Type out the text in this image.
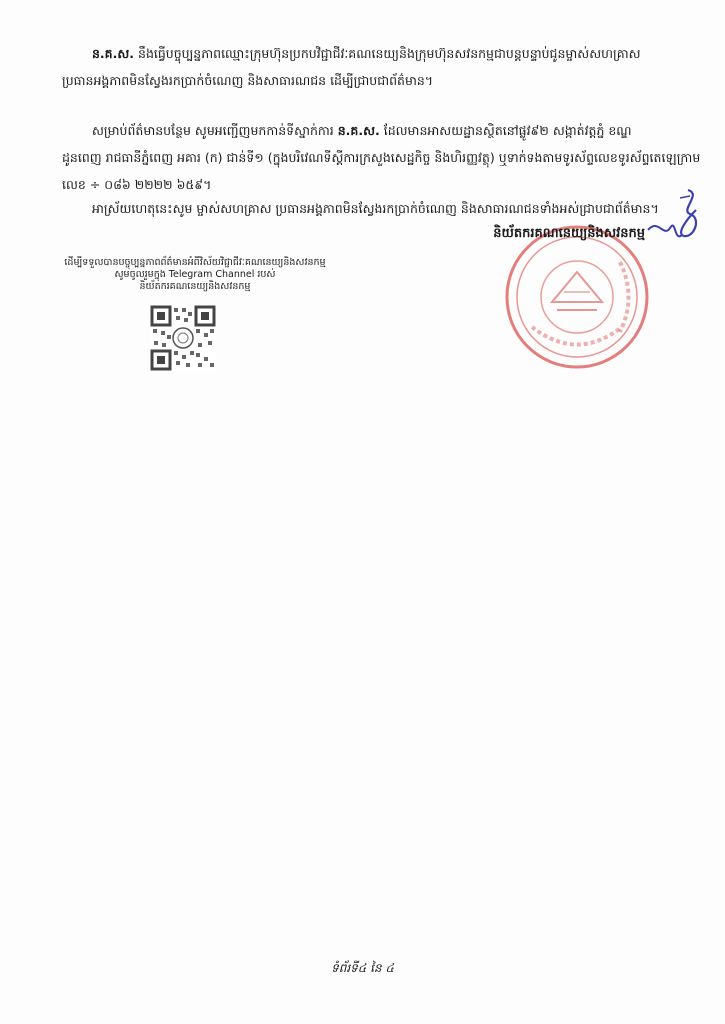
ន.គ.ស. នឹងធ្វើបច្ចុប្បន្នភាពឈ្មោះក្រុមហ៊ុនប្រកបវិជ្ជាជីវៈគណនេយ្យនិងក្រុមហ៊ុនសវនកម្មជាបន្តបន្ទាប់ជូនម្ចាស់សហគ្រាស
ប្រធានអង្គភាពមិនស្វែងរកប្រាក់ចំណេញ និងសាធារណជន ដើម្បីជ្រាបជាព័ត៌មាន។
សម្រាប់ព័ត៌មានបន្ថែម សូមអញ្ជើញមកកាន់ទីស្នាក់ការ ន.គ.ស. ដែលមានអាសយដ្ឋានស្ថិតនៅផ្លូវ៩២ សង្កាត់វត្តភ្នំ ខណ្ឌ
ដូនពេញ រាជធានីភ្នំពេញ អគារ (ក) ជាន់ទី១ (ក្នុងបរិវេណទីស្តីការក្រសួងសេដ្ឋកិច្ច និងហិរញ្ញវត្ថុ) ឬទាក់ទងតាមទូរស័ព្ទលេខទូរស័ព្ទតេឡេក្រាម
លេខ ÷ ០៨៦ ២២២២ ៦៥៩។
អាស្រ័យហេតុនេះសូម ម្ចាស់សហគ្រាស ប្រធានអង្គភាពមិនស្វែងរកប្រាក់ចំណេញ និងសាធារណជនទាំងអស់ជ្រាបជាព័ត៌មាន។
និយ័តករគណនេយ្យនិងសវនកម្ម
ដើម្បីទទួលបានបច្ចុប្បន្នភាពព័ត៌មានអំពីវិស័យវិជ្ជាជីវៈគណនេយ្យនិងសវនកម្ម
សូមចូលរួមក្នុង Telegram Channel របស់
និយ័តករគណនេយ្យនិងសវនកម្ម
ទំព័រទី៤ នៃ ៤
